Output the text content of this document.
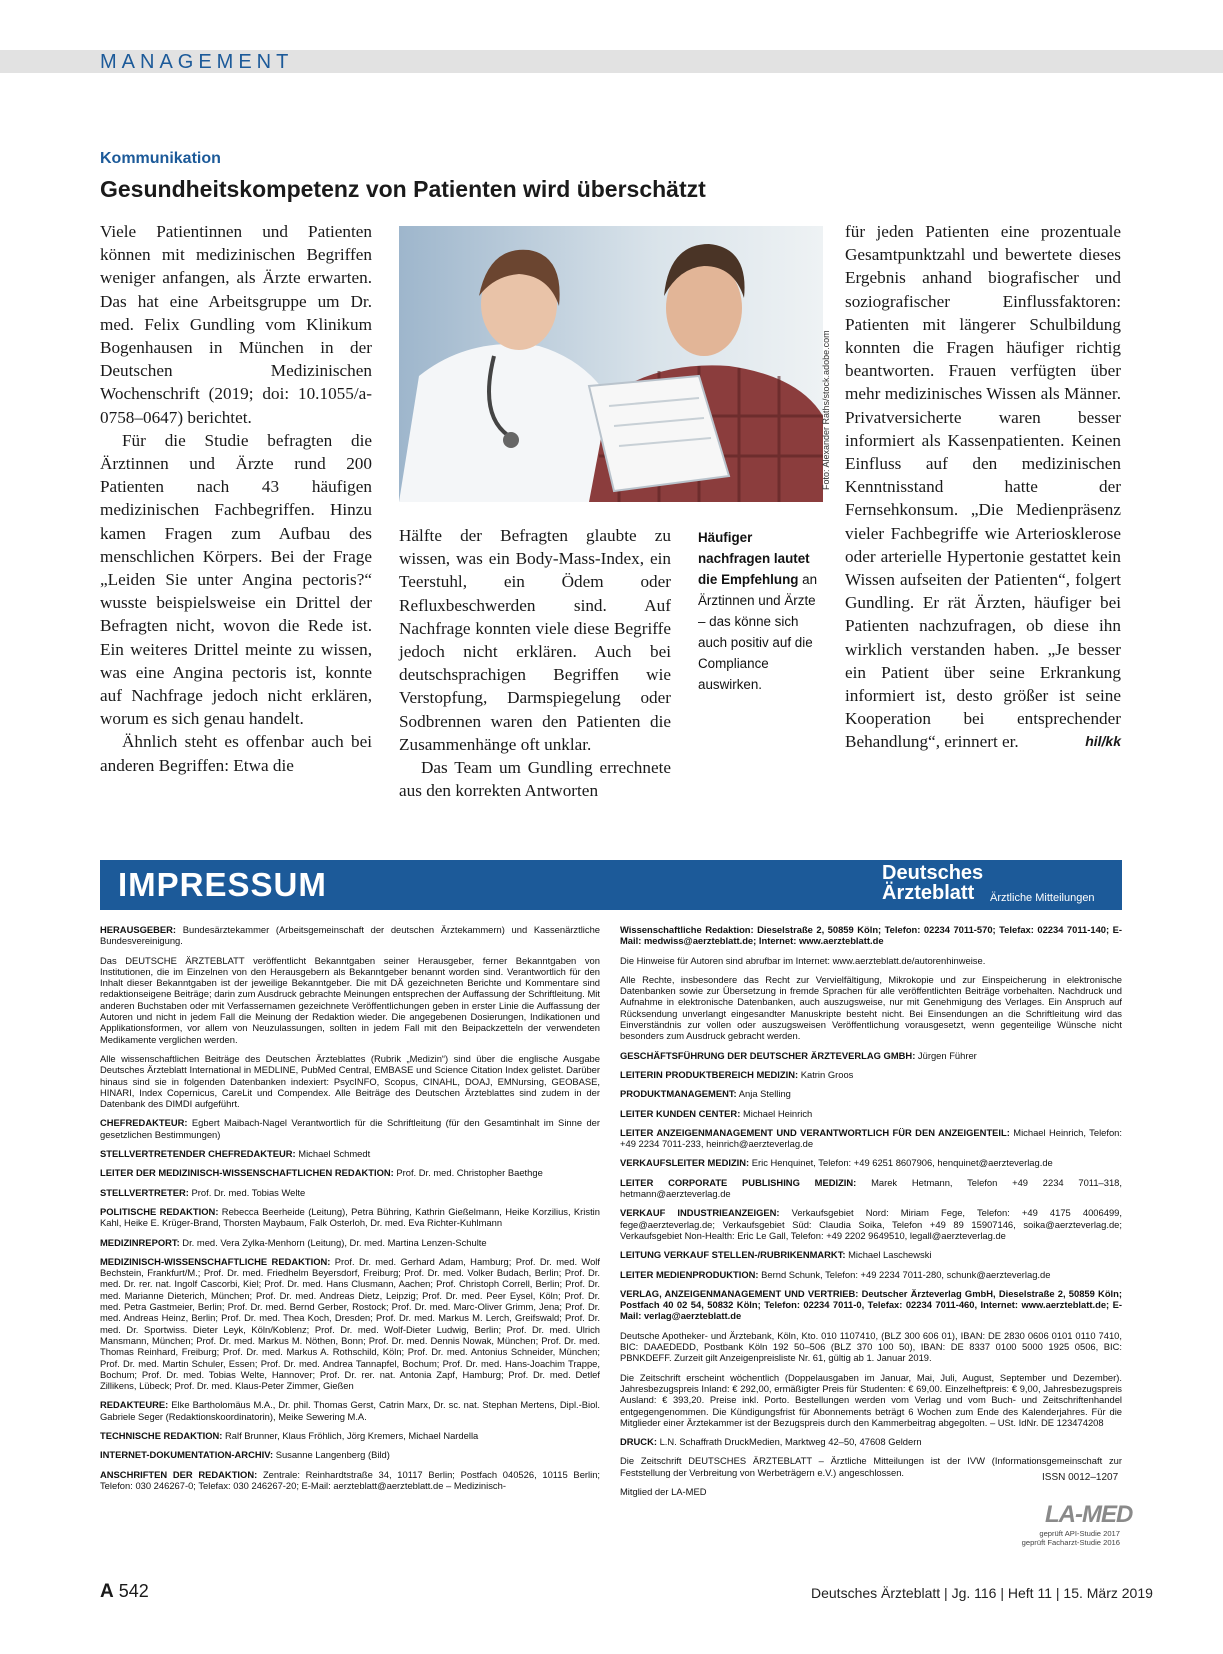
MANAGEMENT
Kommunikation
Gesundheitskompetenz von Patienten wird überschätzt

Viele Patientinnen und Patienten können mit medizinischen Begriffen weniger anfangen, als Ärzte erwarten. Das hat eine Arbeitsgruppe um Dr. med. Felix Gundling vom Klinikum Bogenhausen in München in der Deutschen Medizinischen Wochenschrift (2019; doi: 10.1055/a-0758–0647) berichtet.

Für die Studie befragten die Ärztinnen und Ärzte rund 200 Patienten nach 43 häufigen medizinischen Fachbegriffen. Hinzu kamen Fragen zum Aufbau des menschlichen Körpers. Bei der Frage „Leiden Sie unter Angina pectoris?“ wusste beispielsweise ein Drittel der Befragten nicht, wovon die Rede ist. Ein weiteres Drittel meinte zu wissen, was eine Angina pectoris ist, konnte auf Nachfrage jedoch nicht erklären, worum es sich genau handelt.

Ähnlich steht es offenbar auch bei anderen Begriffen: Etwa die

Foto: Alexander Raths/stock.adobe.com

Hälfte der Befragten glaubte zu wissen, was ein Body-Mass-Index, ein Teerstuhl, ein Ödem oder Refluxbeschwerden sind. Auf Nachfrage konnten viele diese Begriffe jedoch nicht erklären. Auch bei deutschsprachigen Begriffen wie Verstopfung, Darmspiegelung oder Sodbrennen waren den Patienten die Zusammenhänge oft unklar.

Das Team um Gundling errechnete aus den korrekten Antworten

Häufiger nachfragen lautet die Empfehlung an Ärztinnen und Ärzte – das könne sich auch positiv auf die Compliance auswirken.

für jeden Patienten eine prozentuale Gesamtpunktzahl und bewertete dieses Ergebnis anhand biografischer und soziografischer Einflussfaktoren: Patienten mit längerer Schulbildung konnten die Fragen häufiger richtig beantworten. Frauen verfügten über mehr medizinisches Wissen als Männer. Privatversicherte waren besser informiert als Kassenpatienten. Keinen Einfluss auf den medizinischen Kenntnisstand hatte der Fernsehkonsum. „Die Medienpräsenz vieler Fachbegriffe wie Arteriosklerose oder arterielle Hypertonie gestattet kein Wissen aufseiten der Patienten“, folgert Gundling. Er rät Ärzten, häufiger bei Patienten nachzufragen, ob diese ihn wirklich verstanden haben. „Je besser ein Patient über seine Erkrankung informiert ist, desto größer ist seine Kooperation bei entsprechender Behandlung“, erinnert er.	hil/kk

IMPRESSUM	Deutsches
Ärzteblatt Ärztliche Mitteilungen

HERAUSGEBER: Bundesärztekammer (Arbeitsgemeinschaft der deutschen Ärztekammern) und Kassenärztliche Bundesvereinigung.

Das DEUTSCHE ÄRZTEBLATT veröffentlicht Bekanntgaben seiner Herausgeber, ferner Bekanntgaben von Institutionen, die im Einzelnen von den Herausgebern als Bekanntgeber benannt worden sind. Verantwortlich für den Inhalt dieser Bekanntgaben ist der jeweilige Bekanntgeber. Die mit DÄ gezeichneten Berichte und Kommentare sind redaktionseigene Beiträge; darin zum Ausdruck gebrachte Meinungen entsprechen der Auffassung der Schriftleitung. Mit anderen Buchstaben oder mit Verfassernamen gezeichnete Veröffentlichungen geben in erster Linie die Auffassung der Autoren und nicht in jedem Fall die Meinung der Redaktion wieder. Die angegebenen Dosierungen, Indikationen und Applikationsformen, vor allem von Neuzulassungen, sollten in jedem Fall mit den Beipackzetteln der verwendeten Medikamente verglichen werden.

Alle wissenschaftlichen Beiträge des Deutschen Ärzteblattes (Rubrik „Medizin“) sind über die englische Ausgabe Deutsches Ärzteblatt International in MEDLINE, PubMed Central, EMBASE und Science Citation Index gelistet. Darüber hinaus sind sie in folgenden Datenbanken indexiert: PsycINFO, Scopus, CINAHL, DOAJ, EMNursing, GEOBASE, HINARI, Index Copernicus, CareLit und Compendex. Alle Beiträge des Deutschen Ärzteblattes sind zudem in der Datenbank des DIMDI aufgeführt.

CHEFREDAKTEUR: Egbert Maibach-Nagel Verantwortlich für die Schriftleitung (für den Gesamtinhalt im Sinne der gesetzlichen Bestimmungen)

STELLVERTRETENDER CHEFREDAKTEUR: Michael Schmedt

LEITER DER MEDIZINISCH-WISSENSCHAFTLICHEN REDAKTION: Prof. Dr. med. Christopher Baethge

STELLVERTRETER: Prof. Dr. med. Tobias Welte

POLITISCHE REDAKTION: Rebecca Beerheide (Leitung), Petra Bühring, Kathrin Gießelmann, Heike Korzilius, Kristin Kahl, Heike E. Krüger-Brand, Thorsten Maybaum, Falk Osterloh, Dr. med. Eva Richter-Kuhlmann

MEDIZINREPORT: Dr. med. Vera Zylka-Menhorn (Leitung), Dr. med. Martina Lenzen-Schulte

MEDIZINISCH-WISSENSCHAFTLICHE REDAKTION: Prof. Dr. med. Gerhard Adam, Hamburg; Prof. Dr. med. Wolf Bechstein, Frankfurt/M.; Prof. Dr. med. Friedhelm Beyersdorf, Freiburg; Prof. Dr. med. Volker Budach, Berlin; Prof. Dr. med. Dr. rer. nat. Ingolf Cascorbi, Kiel; Prof. Dr. med. Hans Clusmann, Aachen; Prof. Christoph Correll, Berlin; Prof. Dr. med. Marianne Dieterich, München; Prof. Dr. med. Andreas Dietz, Leipzig; Prof. Dr. med. Peer Eysel, Köln; Prof. Dr. med. Petra Gastmeier, Berlin; Prof. Dr. med. Bernd Gerber, Rostock; Prof. Dr. med. Marc-Oliver Grimm, Jena; Prof. Dr. med. Andreas Heinz, Berlin; Prof. Dr. med. Thea Koch, Dresden; Prof. Dr. med. Markus M. Lerch, Greifswald; Prof. Dr. med. Dr. Sportwiss. Dieter Leyk, Köln/Koblenz; Prof. Dr. med. Wolf-Dieter Ludwig, Berlin; Prof. Dr. med. Ulrich Mansmann, München; Prof. Dr. med. Markus M. Nöthen, Bonn; Prof. Dr. med. Dennis Nowak, München; Prof. Dr. med. Thomas Reinhard, Freiburg; Prof. Dr. med. Markus A. Rothschild, Köln; Prof. Dr. med. Antonius Schneider, München; Prof. Dr. med. Martin Schuler, Essen; Prof. Dr. med. Andrea Tannapfel, Bochum; Prof. Dr. med. Hans-Joachim Trappe, Bochum; Prof. Dr. med. Tobias Welte, Hannover; Prof. Dr. rer. nat. Antonia Zapf, Hamburg; Prof. Dr. med. Detlef Zillikens, Lübeck; Prof. Dr. med. Klaus-Peter Zimmer, Gießen

REDAKTEURE: Elke Bartholomäus M.A., Dr. phil. Thomas Gerst, Catrin Marx, Dr. sc. nat. Stephan Mertens, Dipl.-Biol. Gabriele Seger (Redaktionskoordinatorin), Meike Sewering M.A.

TECHNISCHE REDAKTION: Ralf Brunner, Klaus Fröhlich, Jörg Kremers, Michael Nardella

INTERNET-DOKUMENTATION-ARCHIV: Susanne Langenberg (Bild)

ANSCHRIFTEN DER REDAKTION: Zentrale: Reinhardtstraße 34, 10117 Berlin; Postfach 040526, 10115 Berlin; Telefon: 030 246267-0; Telefax: 030 246267-20; E-Mail: aerzteblatt@aerzteblatt.de – Medizinisch-

Wissenschaftliche Redaktion: Dieselstraße 2, 50859 Köln; Telefon: 02234 7011-570; Telefax: 02234 7011-140; E-Mail: medwiss@aerzteblatt.de; Internet: www.aerzteblatt.de

Die Hinweise für Autoren sind abrufbar im Internet: www.aerzteblatt.de/autorenhinweise.

Alle Rechte, insbesondere das Recht zur Vervielfältigung, Mikrokopie und zur Einspeicherung in elektronische Datenbanken sowie zur Übersetzung in fremde Sprachen für alle veröffentlichten Beiträge vorbehalten. Nachdruck und Aufnahme in elektronische Datenbanken, auch auszugsweise, nur mit Genehmigung des Verlages. Ein Anspruch auf Rücksendung unverlangt eingesandter Manuskripte besteht nicht. Bei Einsendungen an die Schriftleitung wird das Einverständnis zur vollen oder auszugsweisen Veröffentlichung vorausgesetzt, wenn gegenteilige Wünsche nicht besonders zum Ausdruck gebracht werden.

GESCHÄFTSFÜHRUNG DER DEUTSCHER ÄRZTEVERLAG GMBH: Jürgen Führer

LEITERIN PRODUKTBEREICH MEDIZIN: Katrin Groos

PRODUKTMANAGEMENT: Anja Stelling

LEITER KUNDEN CENTER: Michael Heinrich

LEITER ANZEIGENMANAGEMENT UND VERANTWORTLICH FÜR DEN ANZEIGENTEIL: Michael Heinrich, Telefon: +49 2234 7011-233, heinrich@aerzteverlag.de

VERKAUFSLEITER MEDIZIN: Eric Henquinet, Telefon: +49 6251 8607906, henquinet@aerzteverlag.de

LEITER CORPORATE PUBLISHING MEDIZIN: Marek Hetmann, Telefon +49 2234 7011–318, hetmann@aerzteverlag.de

VERKAUF INDUSTRIEANZEIGEN: Verkaufsgebiet Nord: Miriam Fege, Telefon: +49 4175 4006499, fege@aerzteverlag.de; Verkaufsgebiet Süd: Claudia Soika, Telefon +49 89 15907146, soika@aerzteverlag.de; Verkaufsgebiet Non-Health: Eric Le Gall, Telefon: +49 2202 9649510, legall@aerzteverlag.de

LEITUNG VERKAUF STELLEN-/RUBRIKENMARKT: Michael Laschewski

LEITER MEDIENPRODUKTION: Bernd Schunk, Telefon: +49 2234 7011-280, schunk@aerzteverlag.de

VERLAG, ANZEIGENMANAGEMENT UND VERTRIEB: Deutscher Ärzteverlag GmbH, Dieselstraße 2, 50859 Köln; Postfach 40 02 54, 50832 Köln; Telefon: 02234 7011-0, Telefax: 02234 7011-460, Internet: www.aerzteblatt.de; E-Mail: verlag@aerzteblatt.de

Deutsche Apotheker- und Ärztebank, Köln, Kto. 010 1107410, (BLZ 300 606 01), IBAN: DE 2830 0606 0101 0110 7410, BIC: DAAEDEDD, Postbank Köln 192 50–506 (BLZ 370 100 50), IBAN: DE 8337 0100 5000 1925 0506, BIC: PBNKDEFF. Zurzeit gilt Anzeigenpreisliste Nr. 61, gültig ab 1. Januar 2019.

Die Zeitschrift erscheint wöchentlich (Doppelausgaben im Januar, Mai, Juli, August, September und Dezember). Jahresbezugspreis Inland: € 292,00, ermäßigter Preis für Studenten: € 69,00. Einzelheftpreis: € 9,00, Jahresbezugspreis Ausland: € 393,20. Preise inkl. Porto. Bestellungen werden vom Verlag und vom Buch- und Zeitschriftenhandel entgegengenommen. Die Kündigungsfrist für Abonnements beträgt 6 Wochen zum Ende des Kalenderjahres. Für die Mitglieder einer Ärztekammer ist der Bezugspreis durch den Kammerbeitrag abgegolten. – USt. IdNr. DE 123474208

DRUCK: L.N. Schaffrath DruckMedien, Marktweg 42–50, 47608 Geldern

Die Zeitschrift DEUTSCHES ÄRZTEBLATT – Ärztliche Mitteilungen ist der IVW (Informationsgemeinschaft zur Feststellung der Verbreitung von Werbeträgern e.V.) angeschlossen.

Mitglied der LA-MED

ISSN 0012–1207
LA-MED
geprüft API-Studie 2017
geprüft Facharzt-Studie 2016
A 542	Deutsches Ärzteblatt | Jg. 116 | Heft 11 | 15. März 2019
